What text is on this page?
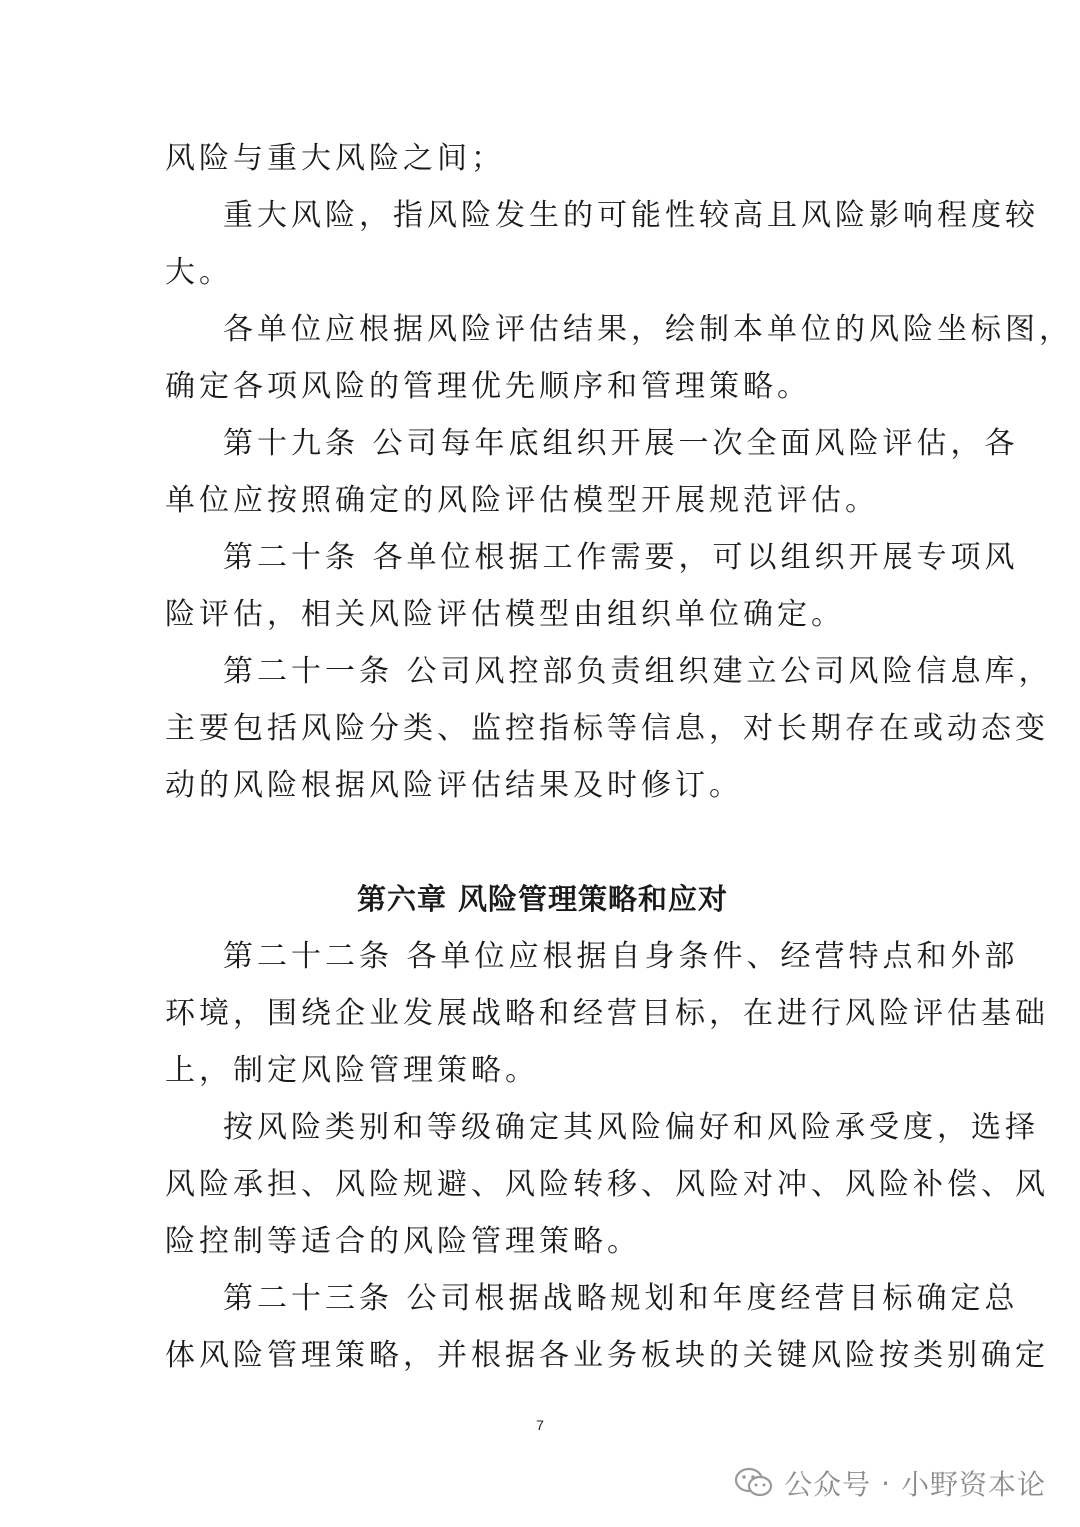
风险与重大风险之间；
重大风险，指风险发生的可能性较高且风险影响程度较
大。
各单位应根据风险评估结果，绘制本单位的风险坐标图，
确定各项风险的管理优先顺序和管理策略。
第十九条 公司每年底组织开展一次全面风险评估，各
单位应按照确定的风险评估模型开展规范评估。
第二十条 各单位根据工作需要，可以组织开展专项风
险评估，相关风险评估模型由组织单位确定。
第二十一条 公司风控部负责组织建立公司风险信息库，
主要包括风险分类、监控指标等信息，对长期存在或动态变
动的风险根据风险评估结果及时修订。
第六章 风险管理策略和应对
第二十二条 各单位应根据自身条件、经营特点和外部
环境，围绕企业发展战略和经营目标，在进行风险评估基础
上，制定风险管理策略。
按风险类别和等级确定其风险偏好和风险承受度，选择
风险承担、风险规避、风险转移、风险对冲、风险补偿、风
险控制等适合的风险管理策略。
第二十三条 公司根据战略规划和年度经营目标确定总
体风险管理策略，并根据各业务板块的关键风险按类别确定
7
公众号 · 小野资本论
